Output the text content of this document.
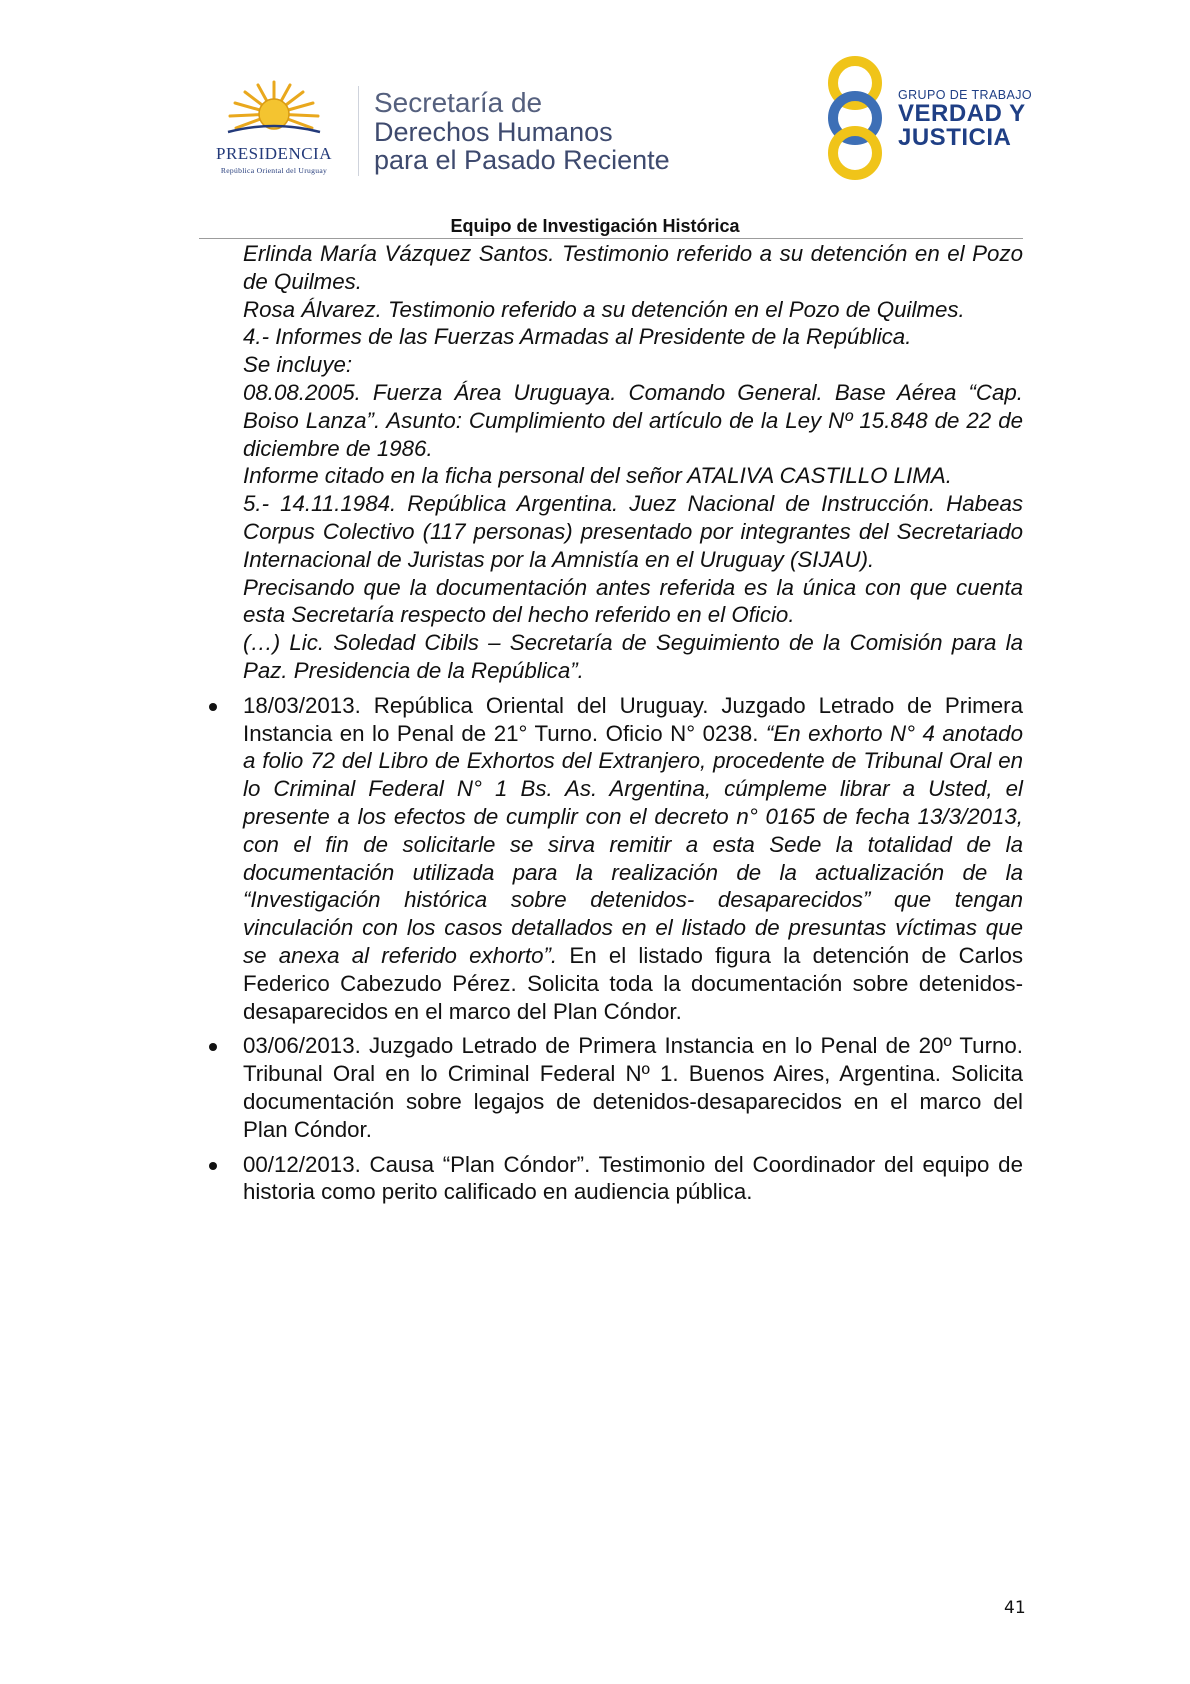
PRESIDENCIA
República Oriental del Uruguay
Secretaría de
Derechos Humanos
para el Pasado Reciente
GRUPO DE TRABAJO
VERDAD Y
JUSTICIA
Equipo de Investigación Histórica

Erlinda María Vázquez Santos. Testimonio referido a su detención en el Pozo de Quilmes.

Rosa Álvarez. Testimonio referido a su detención en el Pozo de Quilmes.

4.- Informes de las Fuerzas Armadas al Presidente de la República.

Se incluye:

08.08.2005. Fuerza Área Uruguaya. Comando General. Base Aérea “Cap. Boiso Lanza”. Asunto: Cumplimiento del artículo de la Ley Nº 15.848 de 22 de diciembre de 1986.

Informe citado en la ficha personal del señor ATALIVA CASTILLO LIMA.

5.- 14.11.1984. República Argentina. Juez Nacional de Instrucción. Habeas Corpus Colectivo (117 personas) presentado por integrantes del Secretariado Internacional de Juristas por la Amnistía en el Uruguay (SIJAU).

Precisando que la documentación antes referida es la única con que cuenta esta Secretaría respecto del hecho referido en el Oficio.

(…) Lic. Soledad Cibils – Secretaría de Seguimiento de la Comisión para la Paz. Presidencia de la República”.

18/03/2013. República Oriental del Uruguay. Juzgado Letrado de Primera Instancia en lo Penal de 21° Turno. Oficio N° 0238. “En exhorto N° 4 anotado a folio 72 del Libro de Exhortos del Extranjero, procedente de Tribunal Oral en lo Criminal Federal N° 1 Bs. As. Argentina, cúmpleme librar a Usted, el presente a los efectos de cumplir con el decreto n° 0165 de fecha 13/3/2013, con el fin de solicitarle se sirva remitir a esta Sede la totalidad de la documentación utilizada para la realización de la actualización de la “Investigación histórica sobre detenidos- desaparecidos” que tengan vinculación con los casos detallados en el listado de presuntas víctimas que se anexa al referido exhorto”. En el listado figura la detención de Carlos Federico Cabezudo Pérez. Solicita toda la documentación sobre detenidos-desaparecidos en el marco del Plan Cóndor.
03/06/2013. Juzgado Letrado de Primera Instancia en lo Penal de 20º Turno. Tribunal Oral en lo Criminal Federal Nº 1. Buenos Aires, Argentina. Solicita documentación sobre legajos de detenidos-desaparecidos en el marco del Plan Cóndor.
00/12/2013. Causa “Plan Cóndor”. Testimonio del Coordinador del equipo de historia como perito calificado en audiencia pública.
41
